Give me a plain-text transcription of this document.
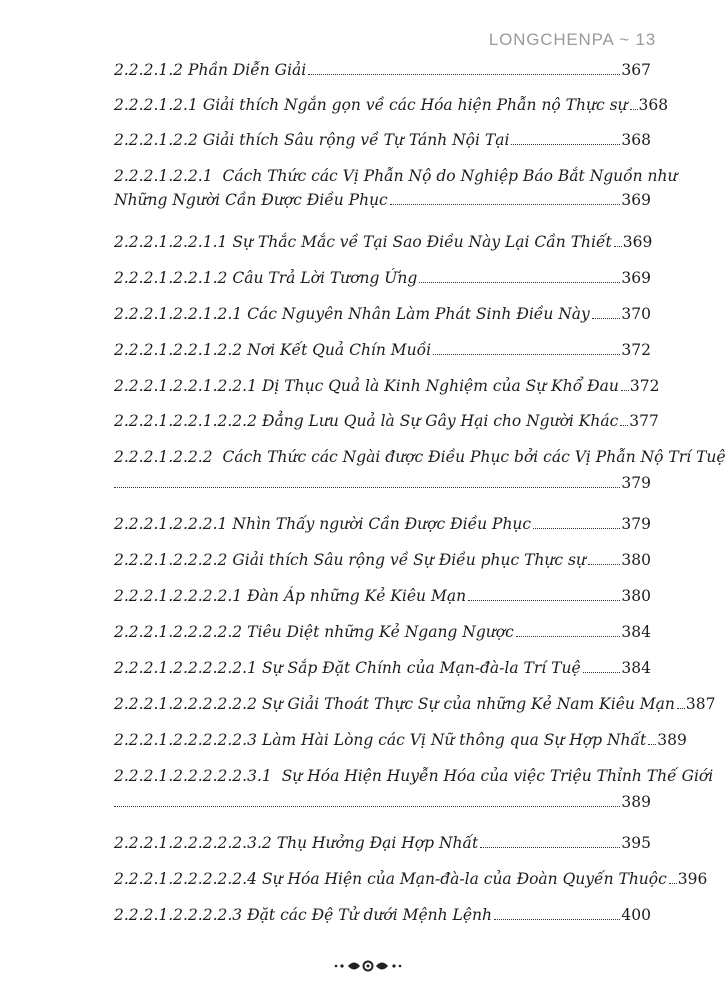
LONGCHENPA ~ 13
2.2.2.1.2 Phần Diễn Giải	367
2.2.2.1.2.1 Giải thích Ngắn gọn về các Hóa hiện Phẫn nộ Thực sự 368
2.2.2.1.2.2 Giải thích Sâu rộng về Tự Tánh Nội Tại	368
2.2.2.1.2.2.1 Cách Thức các Vị Phẫn Nộ do Nghiệp Báo Bắt Nguồn như
Những Người Cần Được Điều Phục	369
2.2.2.1.2.2.1.1 Sự Thắc Mắc về Tại Sao Điều Này Lại Cần Thiết 369
2.2.2.1.2.2.1.2 Câu Trả Lời Tương Ứng	369
2.2.2.1.2.2.1.2.1 Các Nguyên Nhân Làm Phát Sinh Điều Này 370
2.2.2.1.2.2.1.2.2 Nơi Kết Quả Chín Muồi	372
2.2.2.1.2.2.1.2.2.1 Dị Thục Quả là Kinh Nghiệm của Sự Khổ Đau 372
2.2.2.1.2.2.1.2.2.2 Đẳng Lưu Quả là Sự Gây Hại cho Người Khác 377
2.2.2.1.2.2.2 Cách Thức các Ngài được Điều Phục bởi các Vị Phẫn Nộ Trí Tuệ
379
2.2.2.1.2.2.2.1 Nhìn Thấy người Cần Được Điều Phục	379
2.2.2.1.2.2.2.2 Giải thích Sâu rộng về Sự Điều phục Thực sự 380
2.2.2.1.2.2.2.2.1 Đàn Áp những Kẻ Kiêu Mạn	380
2.2.2.1.2.2.2.2.2 Tiêu Diệt những Kẻ Ngang Ngược	384
2.2.2.1.2.2.2.2.2.1 Sự Sắp Đặt Chính của Mạn-đà-la Trí Tuệ	384
2.2.2.1.2.2.2.2.2.2 Sự Giải Thoát Thực Sự của những Kẻ Nam Kiêu Mạn 387
2.2.2.1.2.2.2.2.2.3 Làm Hài Lòng các Vị Nữ thông qua Sự Hợp Nhất 389
2.2.2.1.2.2.2.2.2.3.1 Sự Hóa Hiện Huyễn Hóa của việc Triệu Thỉnh Thế Giới
389
2.2.2.1.2.2.2.2.2.3.2 Thụ Hưởng Đại Hợp Nhất	395
2.2.2.1.2.2.2.2.2.4 Sự Hóa Hiện của Mạn-đà-la của Đoàn Quyến Thuộc 396
2.2.2.1.2.2.2.2.3 Đặt các Đệ Tử dưới Mệnh Lệnh	400
